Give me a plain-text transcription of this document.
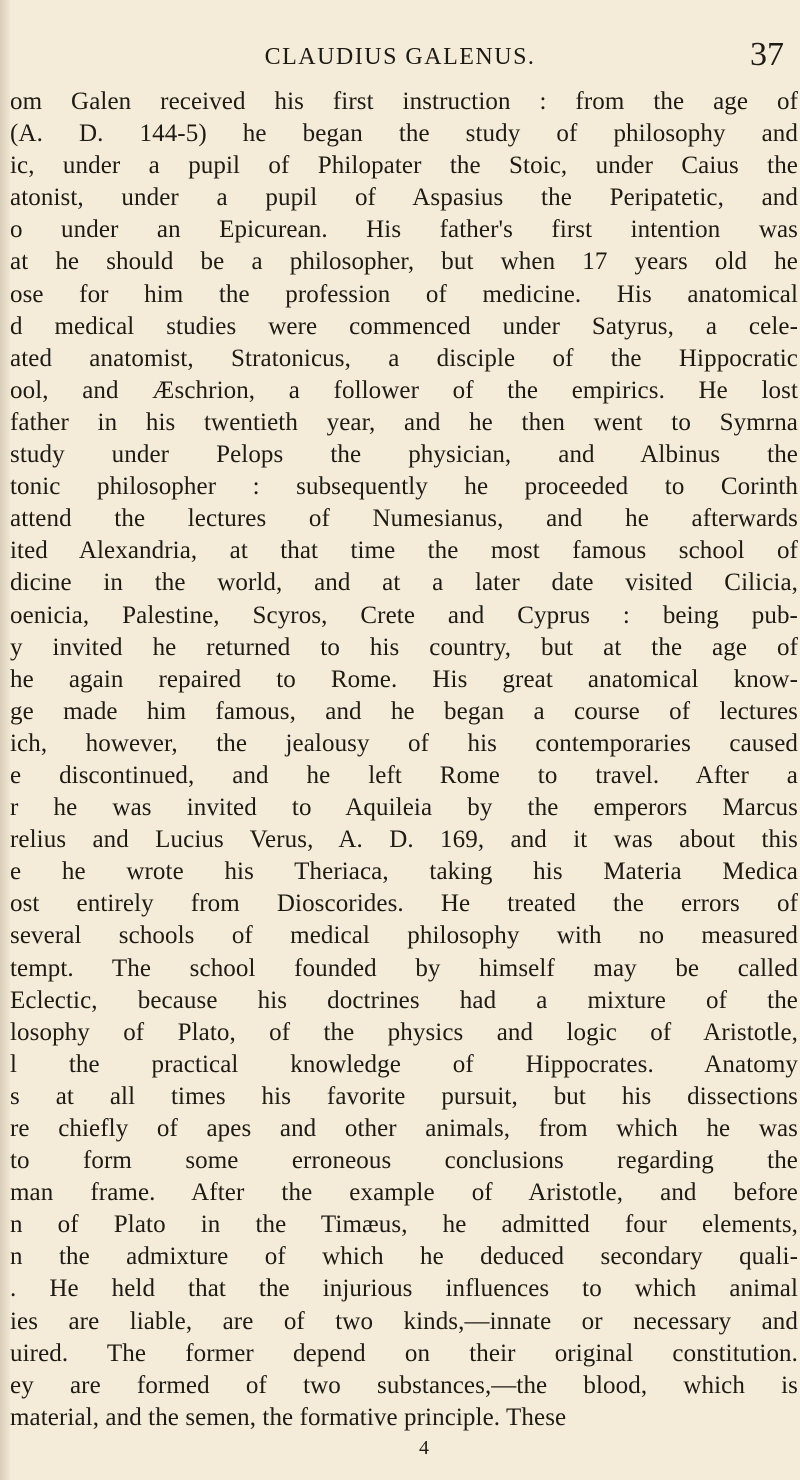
CLAUDIUS GALENUS.	37
om Galen received his first instruction : from the age of
(A. D. 144-5) he began the study of philosophy and
ic, under a pupil of Philopater the Stoic, under Caius the
atonist, under a pupil of Aspasius the Peripatetic, and
o under an Epicurean. His father's first intention was
at he should be a philosopher, but when 17 years old he
ose for him the profession of medicine. His anatomical
d medical studies were commenced under Satyrus, a cele-
ated anatomist, Stratonicus, a disciple of the Hippocratic
ool, and Æschrion, a follower of the empirics. He lost
father in his twentieth year, and he then went to Symrna
study under Pelops the physician, and Albinus the
tonic philosopher : subsequently he proceeded to Corinth
attend the lectures of Numesianus, and he afterwards
ited Alexandria, at that time the most famous school of
dicine in the world, and at a later date visited Cilicia,
oenicia, Palestine, Scyros, Crete and Cyprus : being pub-
y invited he returned to his country, but at the age of
he again repaired to Rome. His great anatomical know-
ge made him famous, and he began a course of lectures
ich, however, the jealousy of his contemporaries caused
e discontinued, and he left Rome to travel. After a
r he was invited to Aquileia by the emperors Marcus
relius and Lucius Verus, A. D. 169, and it was about this
e he wrote his Theriaca, taking his Materia Medica
ost entirely from Dioscorides. He treated the errors of
several schools of medical philosophy with no measured
tempt. The school founded by himself may be called
Eclectic, because his doctrines had a mixture of the
losophy of Plato, of the physics and logic of Aristotle,
l the practical knowledge of Hippocrates. Anatomy
s at all times his favorite pursuit, but his dissections
re chiefly of apes and other animals, from which he was
to form some erroneous conclusions regarding the
man frame. After the example of Aristotle, and before
n of Plato in the Timæus, he admitted four elements,
n the admixture of which he deduced secondary quali-
. He held that the injurious influences to which animal
ies are liable, are of two kinds,—innate or necessary and
uired. The former depend on their original constitution.
ey are formed of two substances,—the blood, which is
material, and the semen, the formative principle. These
4
